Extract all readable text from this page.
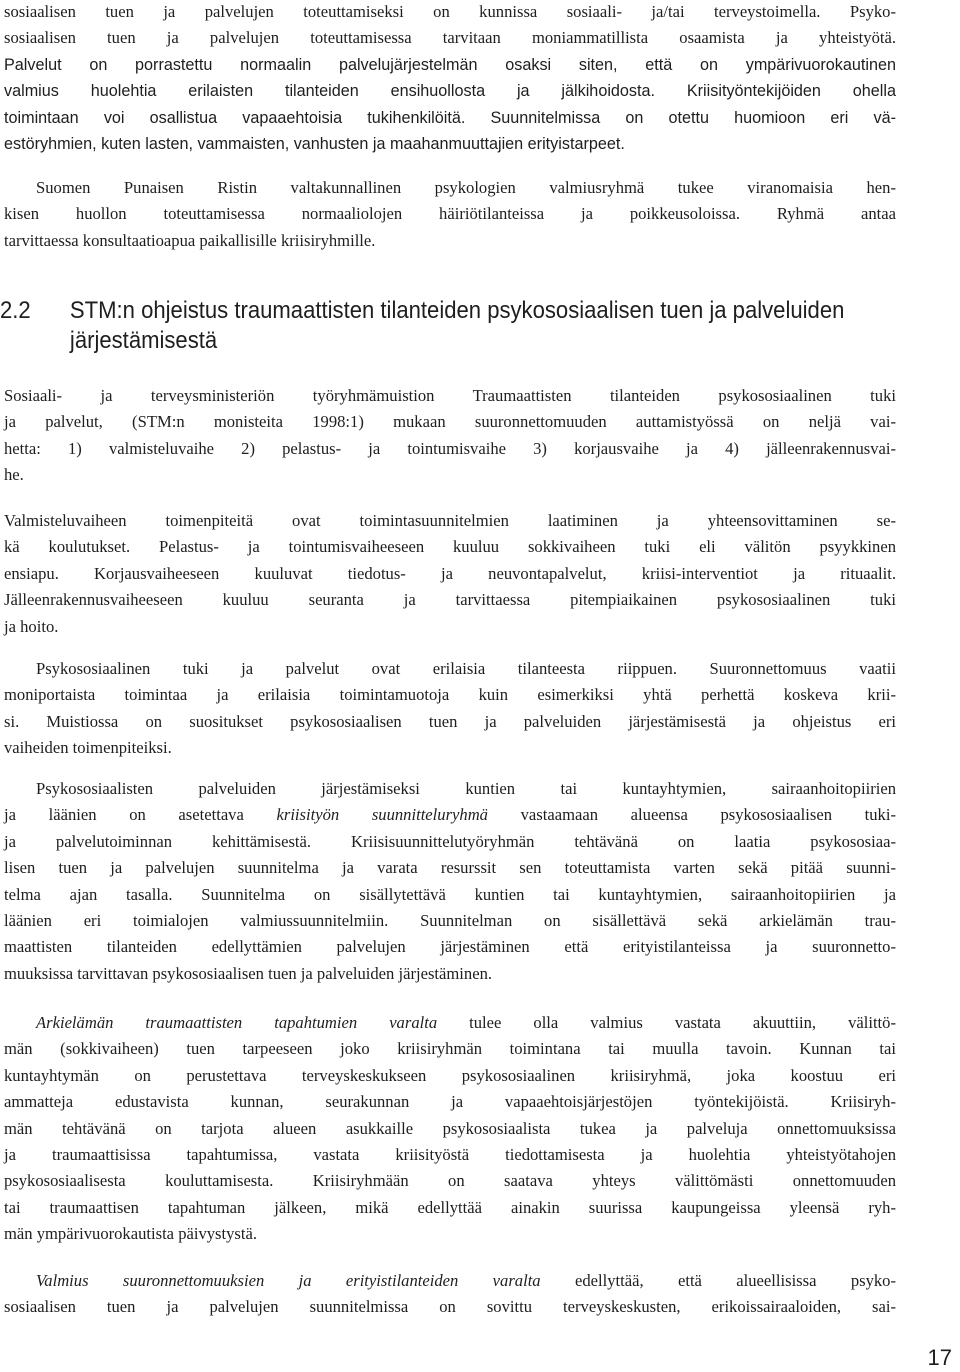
sosiaalisen tuen ja palvelujen toteuttamiseksi on kunnissa sosiaali- ja/tai terveystoimella. Psyko-
sosiaalisen tuen ja palvelujen toteuttamisessa tarvitaan moniammatillista osaamista ja yhteistyötä.
Palvelut on porrastettu normaalin palvelujärjestelmän osaksi siten, että on ympärivuorokautinen
valmius huolehtia erilaisten tilanteiden ensihuollosta ja jälkihoidosta. Kriisityöntekijöiden ohella
toimintaan voi osallistua vapaaehtoisia tukihenkilöitä. Suunnitelmissa on otettu huomioon eri vä-
estöryhmien, kuten lasten, vammaisten, vanhusten ja maahanmuuttajien erityistarpeet.
Suomen Punaisen Ristin valtakunnallinen psykologien valmiusryhmä tukee viranomaisia hen-
kisen huollon toteuttamisessa normaaliolojen häiriötilanteissa ja poikkeusoloissa. Ryhmä antaa
tarvittaessa konsultaatioapua paikallisille kriisiryhmille.
2.2 STM:n ohjeistus traumaattisten tilanteiden psykososiaalisen tuen ja palveluiden
järjestämisestä
Sosiaali- ja terveysministeriön työryhmämuistion Traumaattisten tilanteiden psykososiaalinen tuki
ja palvelut, (STM:n monisteita 1998:1) mukaan suuronnettomuuden auttamistyössä on neljä vai-
hetta: 1) valmisteluvaihe 2) pelastus- ja tointumisvaihe 3) korjausvaihe ja 4) jälleenrakennusvai-
he.
Valmisteluvaiheen toimenpiteitä ovat toimintasuunnitelmien laatiminen ja yhteensovittaminen se-
kä koulutukset. Pelastus- ja tointumisvaiheeseen kuuluu sokkivaiheen tuki eli välitön psyykkinen
ensiapu. Korjausvaiheeseen kuuluvat tiedotus- ja neuvontapalvelut, kriisi-interventiot ja rituaalit.
Jälleenrakennusvaiheeseen kuuluu seuranta ja tarvittaessa pitempiaikainen psykososiaalinen tuki
ja hoito.
Psykososiaalinen tuki ja palvelut ovat erilaisia tilanteesta riippuen. Suuronnettomuus vaatii
moniportaista toimintaa ja erilaisia toimintamuotoja kuin esimerkiksi yhtä perhettä koskeva krii-
si. Muistiossa on suositukset psykososiaalisen tuen ja palveluiden järjestämisestä ja ohjeistus eri
vaiheiden toimenpiteiksi.
Psykososiaalisten palveluiden järjestämiseksi kuntien tai kuntayhtymien, sairaanhoitopiirien
ja läänien on asetettava kriisityön suunnitteluryhmä vastaamaan alueensa psykososiaalisen tuki-
ja palvelutoiminnan kehittämisestä. Kriisisuunnittelutyöryhmän tehtävänä on laatia psykososiaa-
lisen tuen ja palvelujen suunnitelma ja varata resurssit sen toteuttamista varten sekä pitää suunni-
telma ajan tasalla. Suunnitelma on sisällytettävä kuntien tai kuntayhtymien, sairaanhoitopiirien ja
läänien eri toimialojen valmiussuunnitelmiin. Suunnitelman on sisällettävä sekä arkielämän trau-
maattisten tilanteiden edellyttämien palvelujen järjestäminen että erityistilanteissa ja suuronnetto-
muuksissa tarvittavan psykososiaalisen tuen ja palveluiden järjestäminen.
Arkielämän traumaattisten tapahtumien varalta tulee olla valmius vastata akuuttiin, välittö-
män (sokkivaiheen) tuen tarpeeseen joko kriisiryhmän toimintana tai muulla tavoin. Kunnan tai
kuntayhtymän on perustettava terveyskeskukseen psykososiaalinen kriisiryhmä, joka koostuu eri
ammatteja edustavista kunnan, seurakunnan ja vapaaehtoisjärjestöjen työntekijöistä. Kriisiryh-
män tehtävänä on tarjota alueen asukkaille psykososiaalista tukea ja palveluja onnettomuuksissa
ja traumaattisissa tapahtumissa, vastata kriisityöstä tiedottamisesta ja huolehtia yhteistyötahojen
psykososiaalisesta kouluttamisesta. Kriisiryhmään on saatava yhteys välittömästi onnettomuuden
tai traumaattisen tapahtuman jälkeen, mikä edellyttää ainakin suurissa kaupungeissa yleensä ryh-
män ympärivuorokautista päivystystä.
Valmius suuronnettomuuksien ja erityistilanteiden varalta edellyttää, että alueellisissa psyko-
sosiaalisen tuen ja palvelujen suunnitelmissa on sovittu terveyskeskusten, erikoissairaaloiden, sai-
17
